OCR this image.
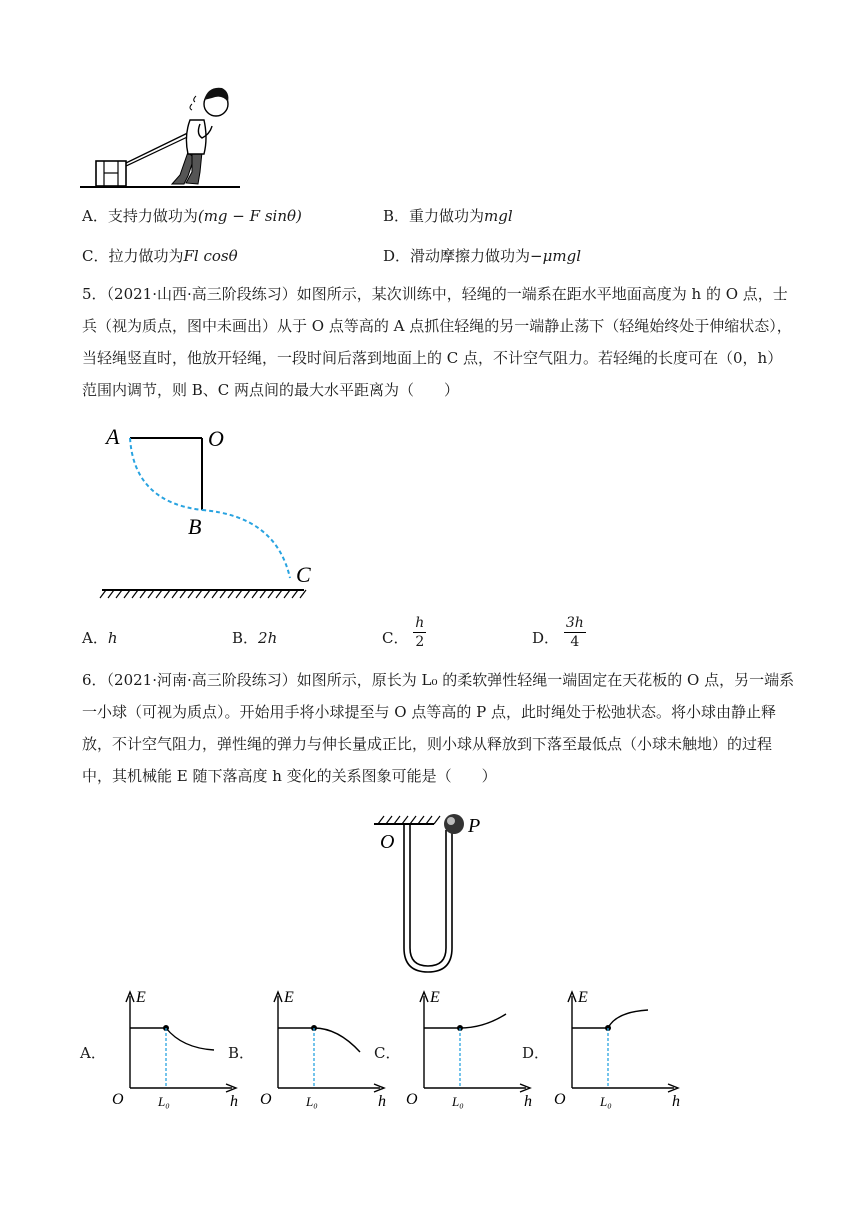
A．支持力做功为(mg − F sinθ)	B．重力做功为mgl
C．拉力做功为Fl cosθ	D．滑动摩擦力做功为−μmgl
5．（2021·山西·高三阶段练习）如图所示，某次训练中，轻绳的一端系在距水平地面高度为 h 的 O 点，士
兵（视为质点，图中未画出）从于 O 点等高的 A 点抓住轻绳的另一端静止荡下（轻绳始终处于伸缩状态），
当轻绳竖直时，他放开轻绳，一段时间后落到地面上的 C 点，不计空气阻力。若轻绳的长度可在（0，h）
范围内调节，则 B、C 两点间的最大水平距离为（　　）
A	O
B
C
A．h	B．2h	C． $\frac{h}{2}$	D． $\frac{3h}{4}$
6．（2021·河南·高三阶段练习）如图所示，原长为 L₀ 的柔软弹性轻绳一端固定在天花板的 O 点，另一端系
一小球（可视为质点）。开始用手将小球提至与 O 点等高的 P 点，此时绳处于松弛状态。将小球由静止释
放，不计空气阻力，弹性绳的弹力与伸长量成正比，则小球从释放到下落至最低点（小球未触地）的过程
中，其机械能 E 随下落高度 h 变化的关系图象可能是（　　）
O
P
A．
E
O	L₀	h
B．
E
O	L₀	h
C．
E
O	L₀	h
D．
E
O	L₀	h
